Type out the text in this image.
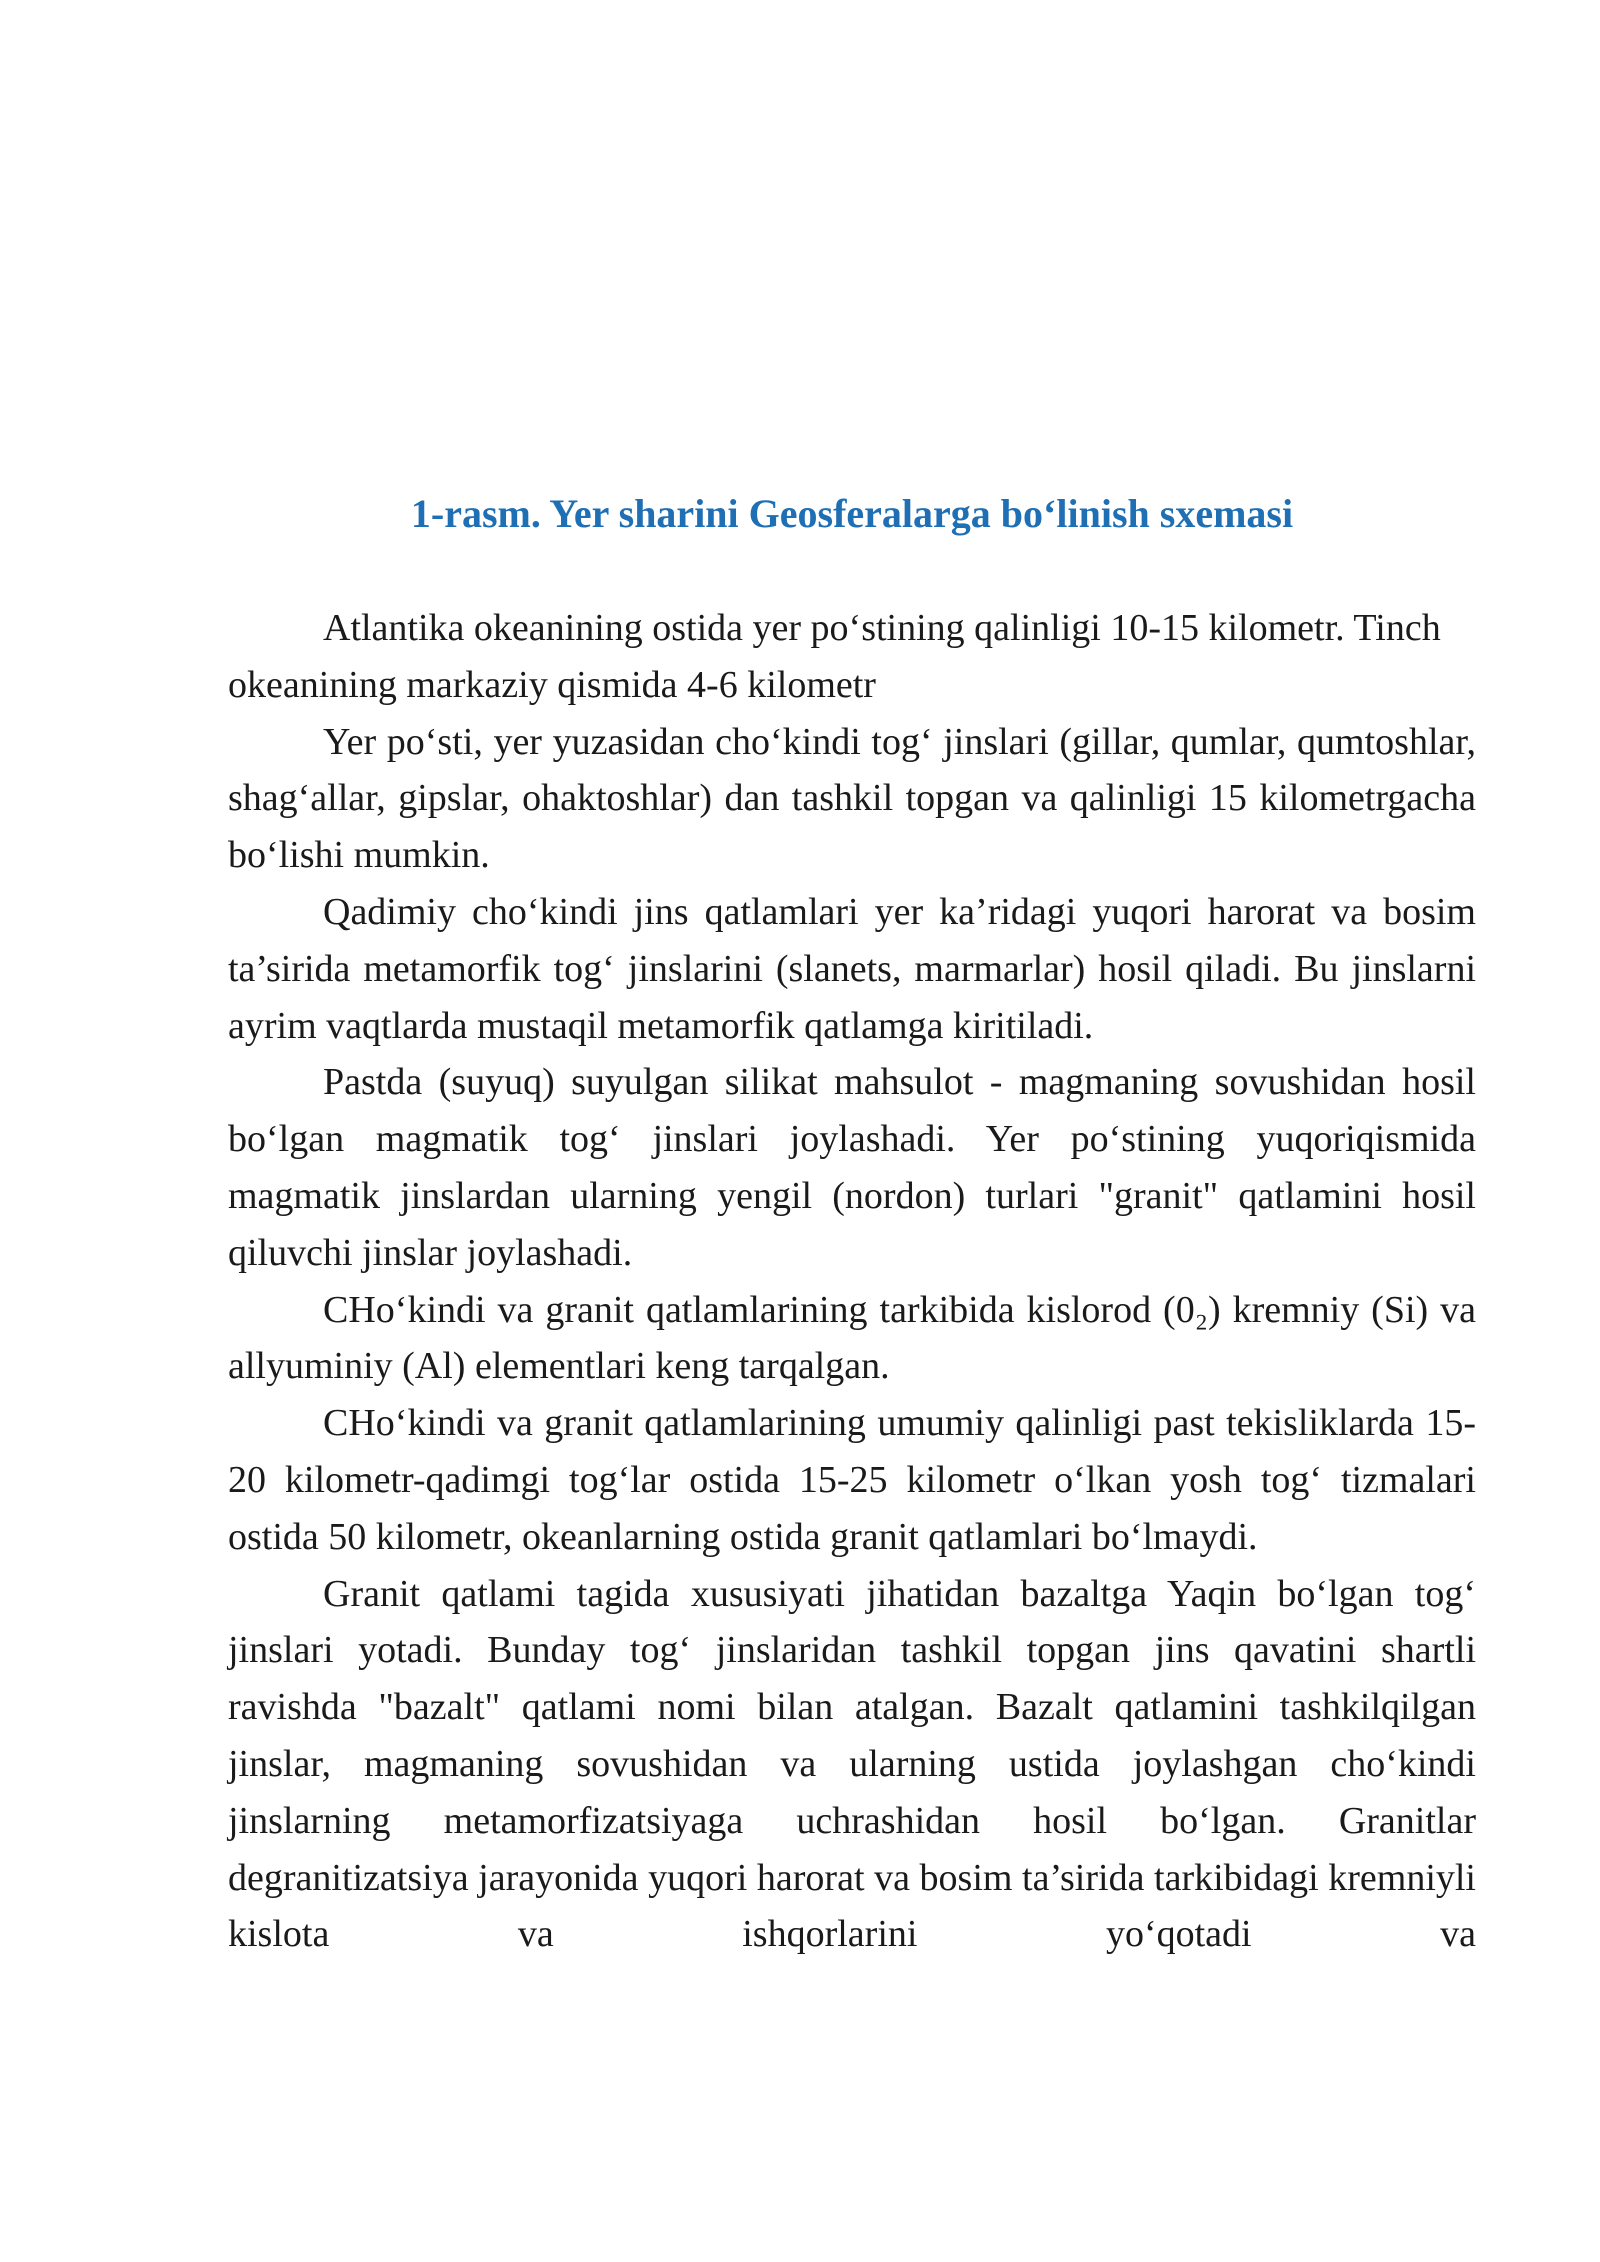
1-rasm. Yer sharini Geosferalarga bo‘linish sxemasi

Atlantika okeanining ostida yer po‘stining qalinligi 10-15 kilometr. Tinch okeanining markaziy qismida 4-6 kilometr

Yer po‘sti, yer yuzasidan cho‘kindi tog‘ jinslari (gillar, qumlar, qumtoshlar, shag‘allar, gipslar, ohaktoshlar) dan tashkil topgan va qalinligi 15 kilometrgacha bo‘lishi mumkin.

Qadimiy cho‘kindi jins qatlamlari yer ka’ridagi yuqori harorat va bosim ta’sirida metamorfik tog‘ jinslarini (slanets, marmarlar) hosil qiladi. Bu jinslarni ayrim vaqtlarda mustaqil metamorfik qatlamga kiritiladi.

Pastda (suyuq) suyulgan silikat mahsulot - magmaning sovushidan hosil bo‘lgan magmatik tog‘ jinslari joylashadi. Yer po‘stining yuqoriqismida magmatik jinslardan ularning yengil (nordon) turlari "granit" qatlamini hosil qiluvchi jinslar joylashadi.

CHo‘kindi va granit qatlamlarining tarkibida kislorod (0₂) kremniy (Si) va allyuminiy (Al) elementlari keng tarqalgan.

CHo‘kindi va granit qatlamlarining umumiy qalinligi past tekisliklarda 15-20 kilometr-qadimgi tog‘lar ostida 15-25 kilometr o‘lkan yosh tog‘ tizmalari ostida 50 kilometr, okeanlarning ostida granit qatlamlari bo‘lmaydi.

Granit qatlami tagida xususiyati jihatidan bazaltga Yaqin bo‘lgan tog‘ jinslari yotadi. Bunday tog‘ jinslaridan tashkil topgan jins qavatini shartli ravishda "bazalt" qatlami nomi bilan atalgan. Bazalt qatlamini tashkilqilgan jinslar, magmaning sovushidan va ularning ustida joylashgan cho‘kindi jinslarning metamorfizatsiyaga uchrashidan hosil bo‘lgan. Granitlar degranitizatsiya jarayonida yuqori harorat va bosim ta’sirida tarkibidagi kremniyli kislota va ishqorlarini yo‘qotadi va
